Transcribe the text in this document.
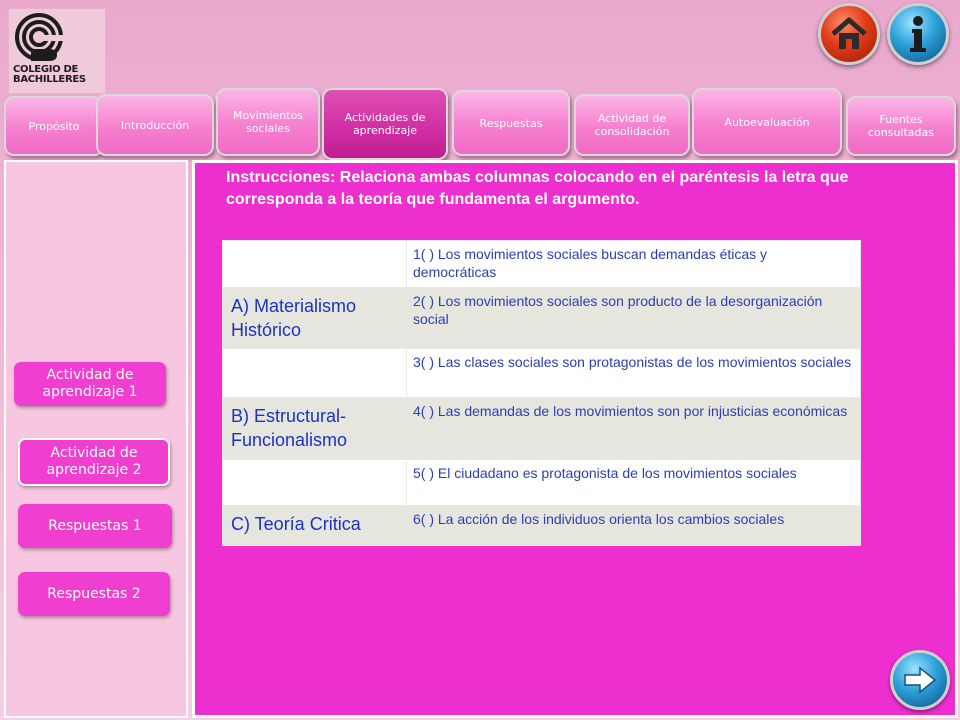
COLEGIO DE BACHILLERES
Propósito	Introducción
Movimientos sociales
Actividades de aprendizaje
Respuestas	Actividad de consolidación
Autoevaluación	Fuentes consultadas
Actividad de aprendizaje 1
Actividad de aprendizaje 2
Respuestas 1
Respuestas 2
Instrucciones: Relaciona ambas columnas colocando en el paréntesis la letra que corresponda a la teoría que fundamenta el argumento.
	1( ) Los movimientos sociales buscan demandas éticas y democráticas
A) Materialismo Histórico	2( ) Los movimientos sociales son producto de la desorganización social
	3( ) Las clases sociales son protagonistas de los movimientos sociales
B) Estructural- Funcionalismo	4( ) Las demandas de los movimientos son por injusticias económicas
	5( ) El ciudadano es protagonista de los movimientos sociales
C) Teoría Critica	6( ) La acción de los individuos orienta los cambios sociales
